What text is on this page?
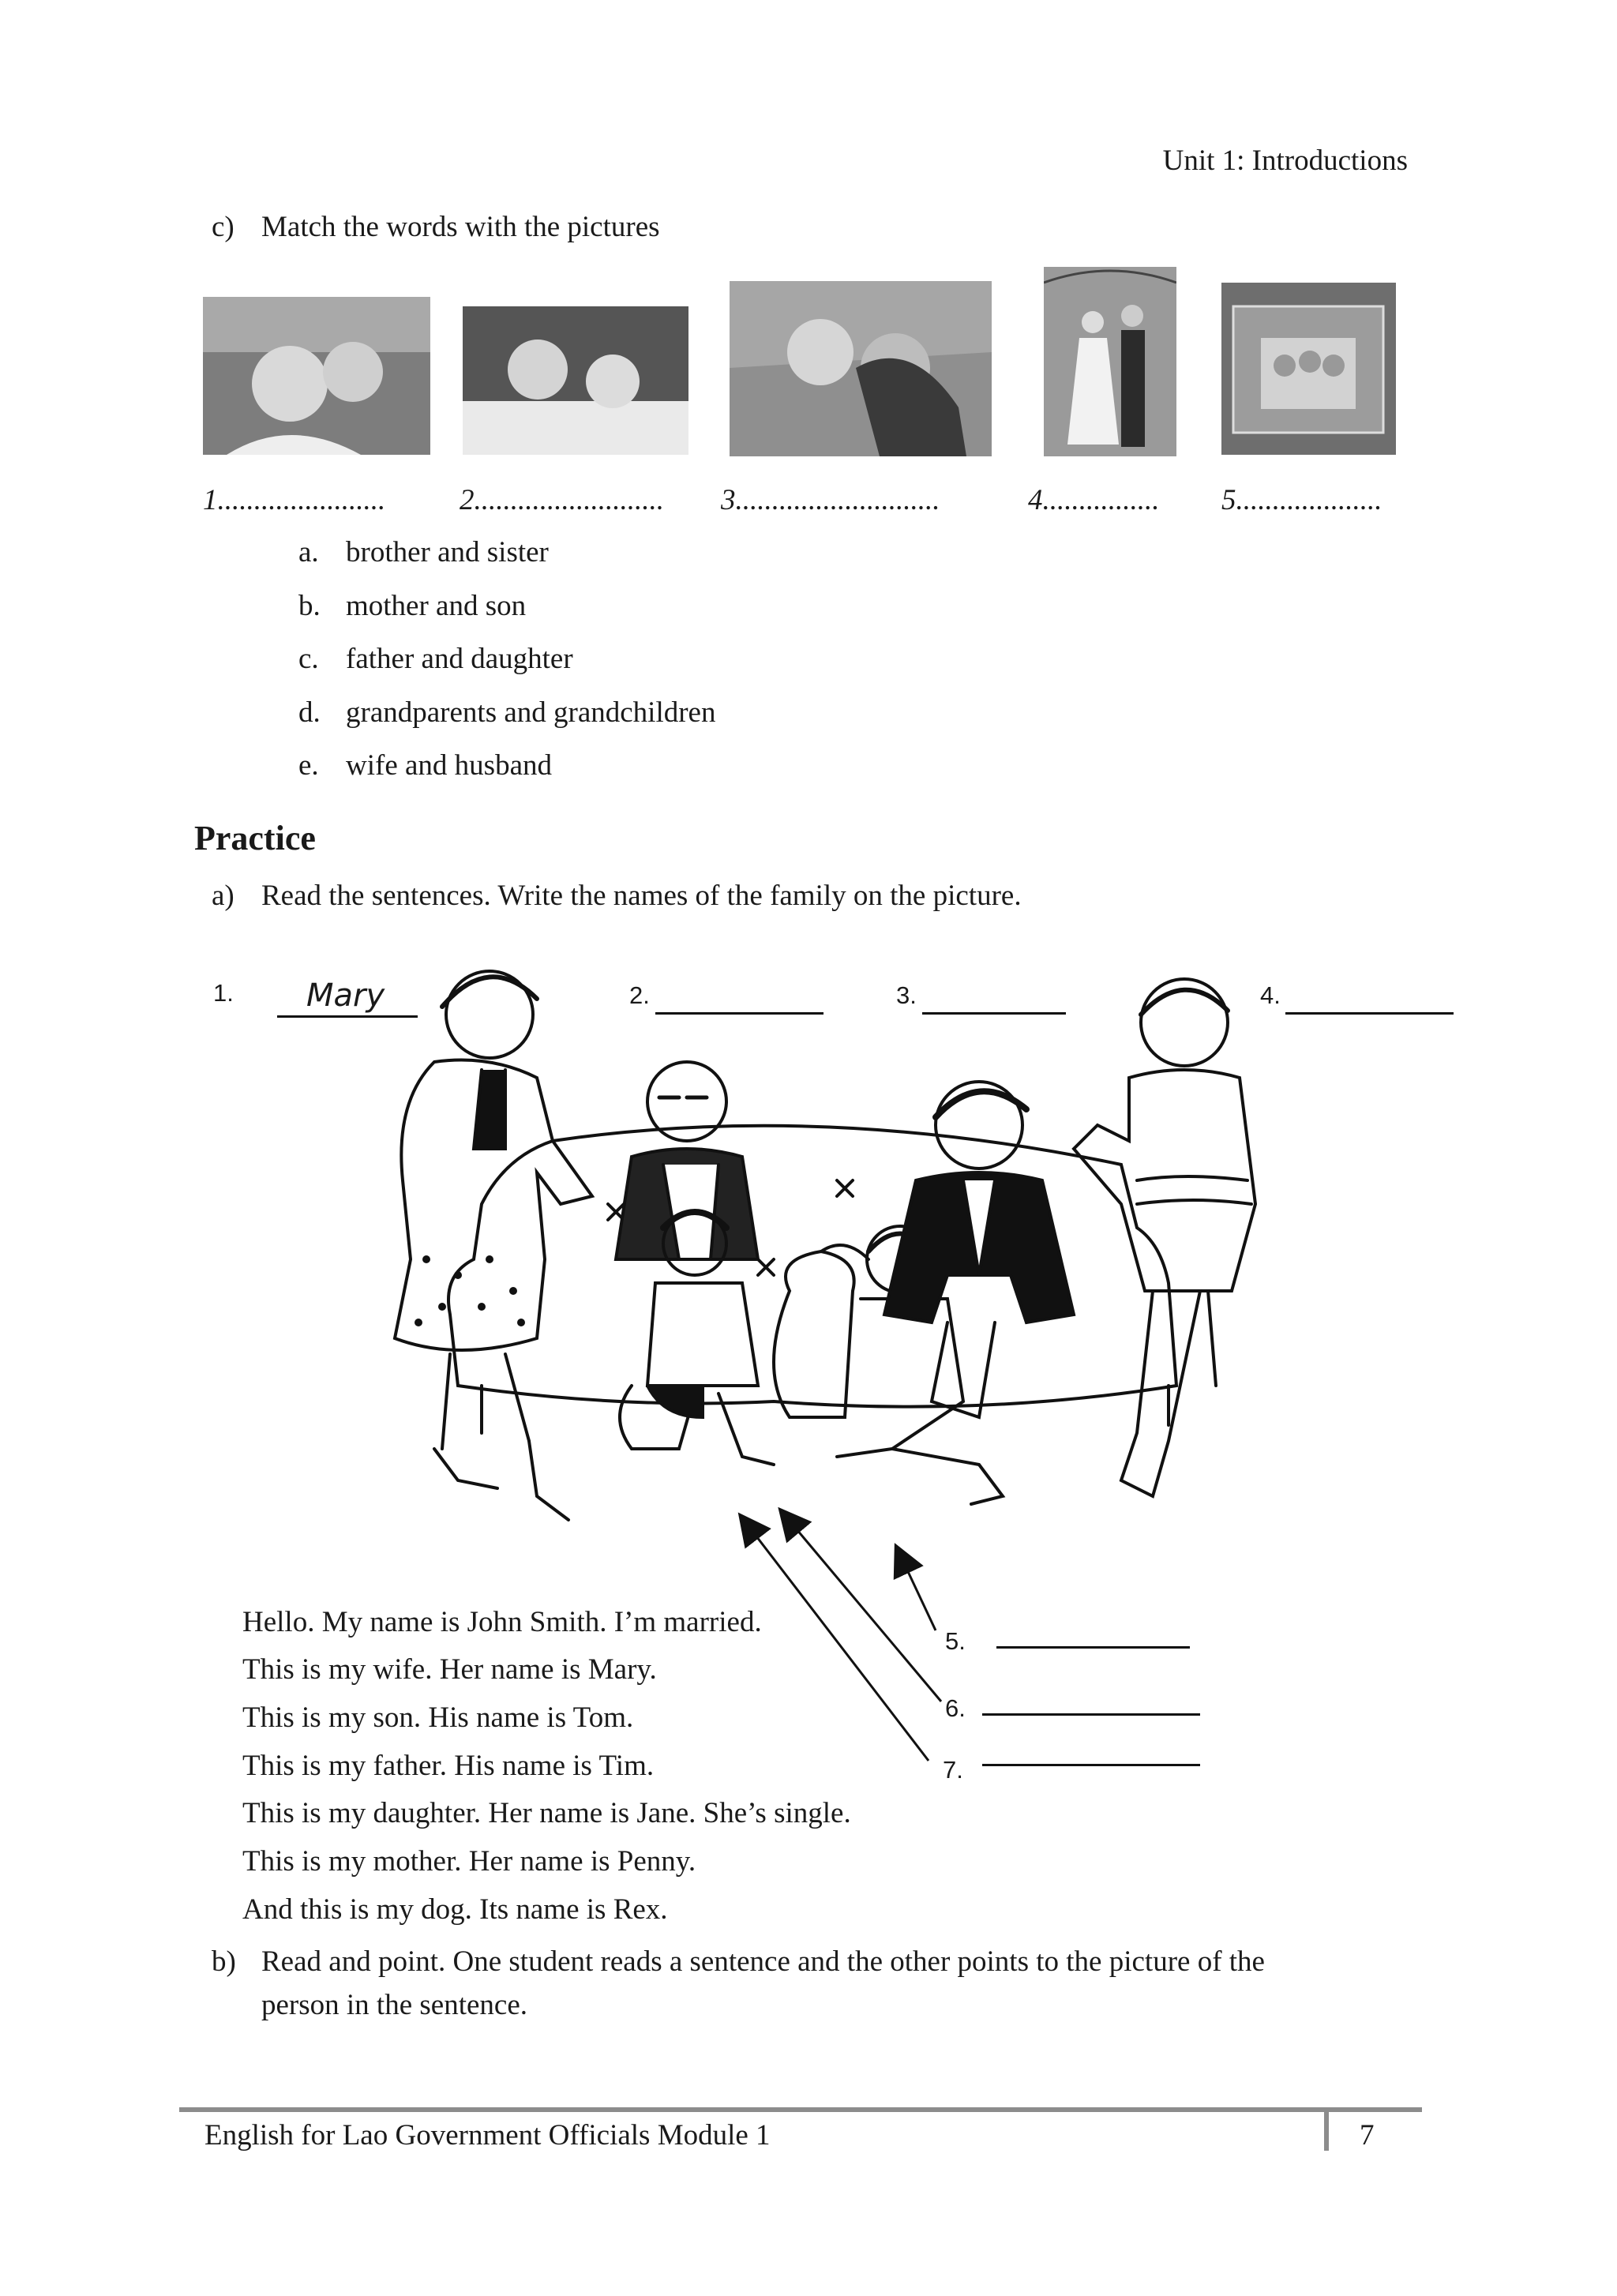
Unit 1: Introductions
c) Match the words with the pictures
1.......................	2.......................... 3............................	4................ 5....................
a. brother and sister
b. mother and son
c. father and daughter
d. grandparents and grandchildren
e. wife and husband
Practice
a) Read the sentences. Write the names of the family on the picture.
1. Mary	2.	3.	4.
5.
6.
7.
Hello. My name is John Smith. I’m married.
This is my wife. Her name is Mary.
This is my son. His name is Tom.
This is my father. His name is Tim.
This is my daughter. Her name is Jane. She’s single.
This is my mother. Her name is Penny.
And this is my dog. Its name is Rex.
b) Read and point. One student reads a sentence and the other points to the picture of the
person in the sentence.
English for Lao Government Officials Module 1	7
